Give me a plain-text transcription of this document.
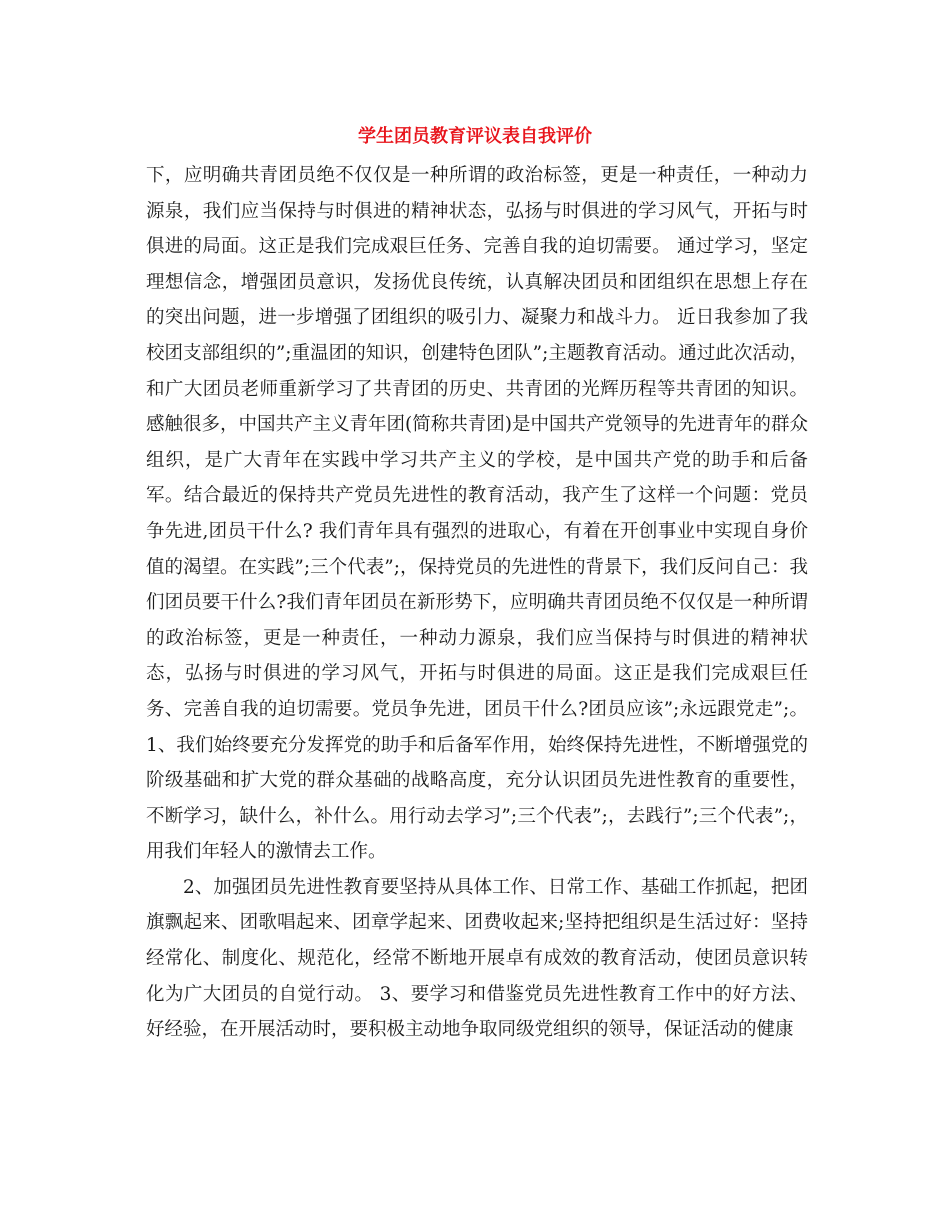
学生团员教育评议表自我评价

下，应明确共青团员绝不仅仅是一种所谓的政治标签，更是一种责任，一种动力源泉，我们应当保持与时俱进的精神状态，弘扬与时俱进的学习风气，开拓与时俱进的局面。这正是我们完成艰巨任务、完善自我的迫切需要。 通过学习，坚定理想信念，增强团员意识，发扬优良传统，认真解决团员和团组织在思想上存在的突出问题，进一步增强了团组织的吸引力、凝聚力和战斗力。 近日我参加了我校团支部组织的”;重温团的知识，创建特色团队”;主题教育活动。通过此次活动，和广大团员老师重新学习了共青团的历史、共青团的光辉历程等共青团的知识。感触很多，中国共产主义青年团(简称共青团)是中国共产党领导的先进青年的群众组织，是广大青年在实践中学习共产主义的学校，是中国共产党的助手和后备军。结合最近的保持共产党员先进性的教育活动，我产生了这样一个问题：党员争先进,团员干什么? 我们青年具有强烈的进取心，有着在开创事业中实现自身价值的渴望。在实践”;三个代表”;，保持党员的先进性的背景下，我们反问自己：我们团员要干什么?我们青年团员在新形势下，应明确共青团员绝不仅仅是一种所谓的政治标签，更是一种责任，一种动力源泉，我们应当保持与时俱进的精神状态，弘扬与时俱进的学习风气，开拓与时俱进的局面。这正是我们完成艰巨任务、完善自我的迫切需要。党员争先进，团员干什么?团员应该”;永远跟党走”;。 1、我们始终要充分发挥党的助手和后备军作用，始终保持先进性，不断增强党的阶级基础和扩大党的群众基础的战略高度，充分认识团员先进性教育的重要性，不断学习，缺什么，补什么。用行动去学习”;三个代表”;，去践行”;三个代表”;，用我们年轻人的激情去工作。

2、加强团员先进性教育要坚持从具体工作、日常工作、基础工作抓起，把团旗飘起来、团歌唱起来、团章学起来、团费收起来;坚持把组织是生活过好：坚持经常化、制度化、规范化，经常不断地开展卓有成效的教育活动，使团员意识转化为广大团员的自觉行动。 3、要学习和借鉴党员先进性教育工作中的好方法、好经验，在开展活动时，要积极主动地争取同级党组织的领导，保证活动的健康
